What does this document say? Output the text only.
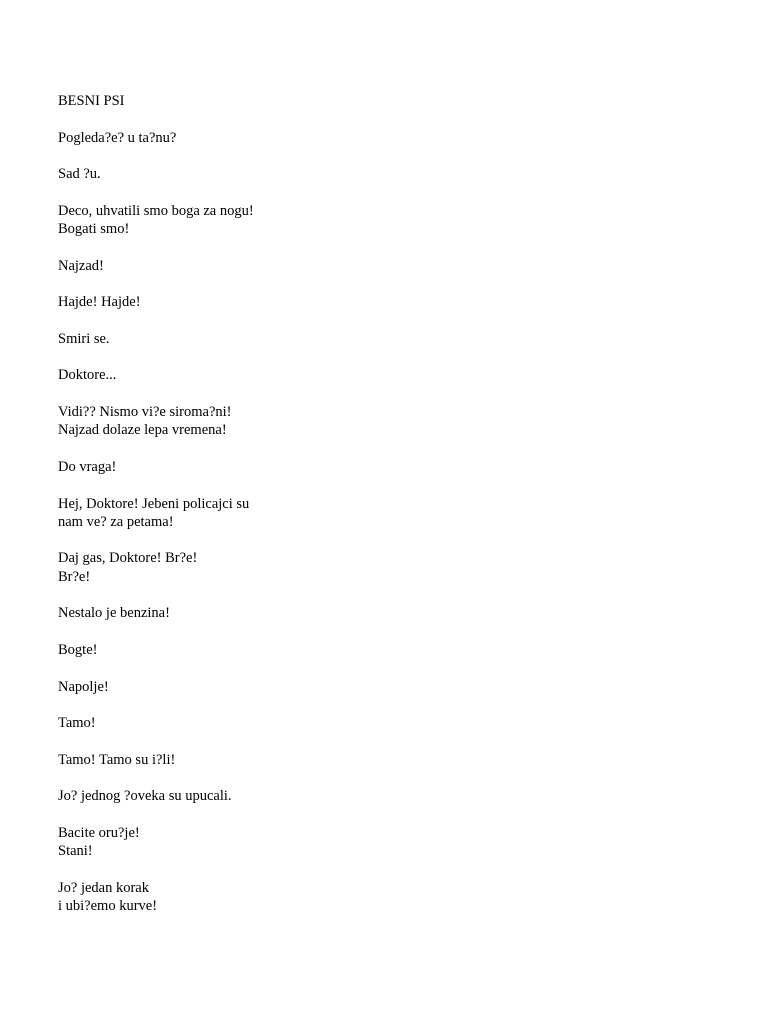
BESNI PSI
Pogleda?e? u ta?nu?
Sad ?u.
Deco, uhvatili smo boga za nogu!
Bogati smo!
Najzad!
Hajde! Hajde!
Smiri se.
Doktore...
Vidi?? Nismo vi?e siroma?ni!
Najzad dolaze lepa vremena!
Do vraga!
Hej, Doktore! Jebeni policajci su
nam ve? za petama!
Daj gas, Doktore! Br?e!
Br?e!
Nestalo je benzina!
Bogte!
Napolje!
Tamo!
Tamo! Tamo su i?li!
Jo? jednog ?oveka su upucali.
Bacite oru?je!
Stani!
Jo? jedan korak
i ubi?emo kurve!
